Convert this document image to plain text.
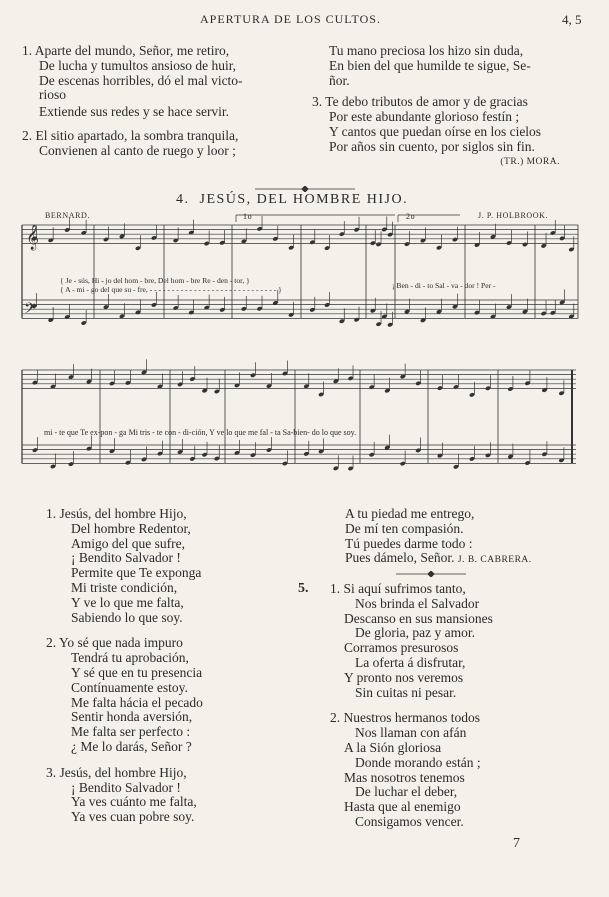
APERTURA DE LOS CULTOS.	4, 5
1. Aparte del mundo, Señor, me retiro,
De lucha y tumultos ansioso de huir,
De escenas horribles, dó el mal victo-
rioso
Extiende sus redes y se hace servir.
2. El sitio apartado, la sombra tranquila,
Convienen al canto de ruego y loor ;
Tu mano preciosa los hizo sin duda,
En bien del que humilde te sigue, Se-
ñor.
3. Te debo tributos de amor y de gracias
Por este abundante glorioso festín ;
Y cantos que puedan oírse en los cielos
Por años sin cuento, por siglos sin fin.
(TR.) MORA.
4. JESÚS, DEL HOMBRE HIJO.
BERNARD.	J. P. HOLBROOK.
1o	2o
𝄞
𝄢
{ Je - sús, Hi - jo del hom - bre, Del hom - bre Re - den - tor, }
{ A - mi - go del que su - fre, - - - - - - - - - - - - - - - - - - - - - - - - - - - - - }	¡ Ben - di - to Sal - va - dor ! Per -
mi - te que Te ex-pon - ga Mi tris - te con - di-ción, Y ve lo que me fal - ta Sa-bien- do lo que soy.
1. Jesús, del hombre Hijo,
Del hombre Redentor,
Amigo del que sufre,
¡ Bendito Salvador !
Permite que Te exponga
Mi triste condición,
Y ve lo que me falta,
Sabiendo lo que soy.
2. Yo sé que nada impuro
Tendrá tu aprobación,
Y sé que en tu presencia
Contínuamente estoy.
Me falta hácia el pecado
Sentir honda aversión,
Me falta ser perfecto :
¿ Me lo darás, Señor ?
3. Jesús, del hombre Hijo,
¡ Bendito Salvador !
Ya ves cuánto me falta,
Ya ves cuan pobre soy.
A tu piedad me entrego,
De mí ten compasión.
Tú puedes darme todo :
Pues dámelo, Señor. J. B. CABRERA.
5. 1. Si aquí sufrimos tanto,
Nos brinda el Salvador
Descanso en sus mansiones
De gloria, paz y amor.
Corramos presurosos
La oferta á disfrutar,
Y pronto nos veremos
Sin cuitas ni pesar.
2. Nuestros hermanos todos
Nos llaman con afán
A la Sión gloriosa
Donde morando están ;
Mas nosotros tenemos
De luchar el deber,
Hasta que al enemigo
Consigamos vencer.
7
